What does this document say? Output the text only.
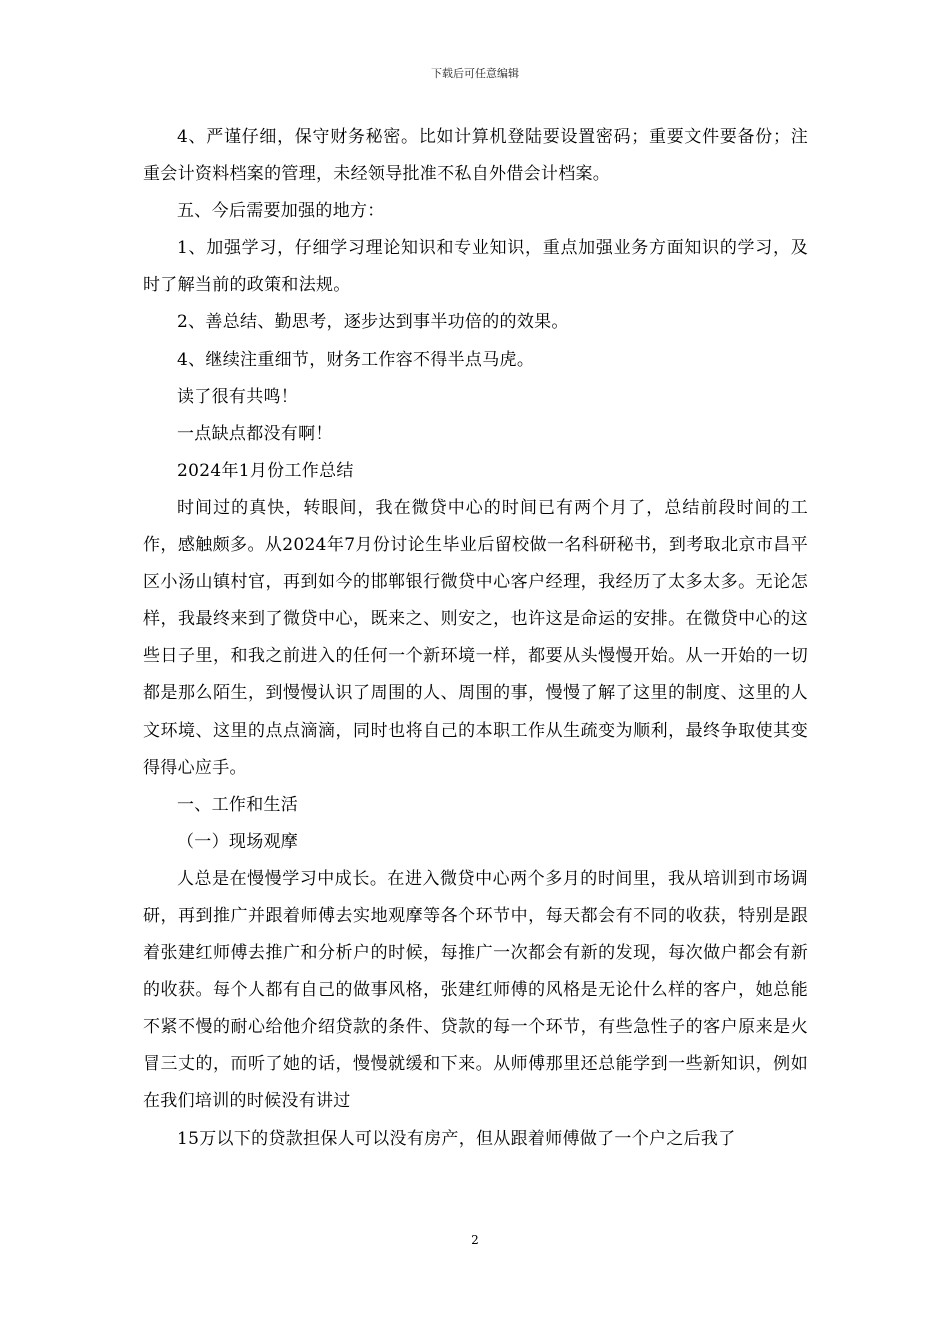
下载后可任意编辑

4、严谨仔细，保守财务秘密。比如计算机登陆要设置密码；重要文件要备份；注重会计资料档案的管理，未经领导批准不私自外借会计档案。

五、今后需要加强的地方：

1、加强学习，仔细学习理论知识和专业知识，重点加强业务方面知识的学习，及时了解当前的政策和法规。

2、善总结、勤思考，逐步达到事半功倍的的效果。

4、继续注重细节，财务工作容不得半点马虎。

读了很有共鸣！

一点缺点都没有啊！

2024年1月份工作总结

时间过的真快，转眼间，我在微贷中心的时间已有两个月了，总结前段时间的工作，感触颇多。从2024年7月份讨论生毕业后留校做一名科研秘书，到考取北京市昌平区小汤山镇村官，再到如今的邯郸银行微贷中心客户经理，我经历了太多太多。无论怎样，我最终来到了微贷中心，既来之、则安之，也许这是命运的安排。在微贷中心的这些日子里，和我之前进入的任何一个新环境一样，都要从头慢慢开始。从一开始的一切都是那么陌生，到慢慢认识了周围的人、周围的事，慢慢了解了这里的制度、这里的人文环境、这里的点点滴滴，同时也将自己的本职工作从生疏变为顺利，最终争取使其变得得心应手。

一、工作和生活

（一）现场观摩

人总是在慢慢学习中成长。在进入微贷中心两个多月的时间里，我从培训到市场调研，再到推广并跟着师傅去实地观摩等各个环节中，每天都会有不同的收获，特别是跟着张建红师傅去推广和分析户的时候，每推广一次都会有新的发现，每次做户都会有新的收获。每个人都有自己的做事风格，张建红师傅的风格是无论什么样的客户，她总能不紧不慢的耐心给他介绍贷款的条件、贷款的每一个环节，有些急性子的客户原来是火冒三丈的，而听了她的话，慢慢就缓和下来。从师傅那里还总能学到一些新知识，例如在我们培训的时候没有讲过

15万以下的贷款担保人可以没有房产，但从跟着师傅做了一个户之后我了

2
